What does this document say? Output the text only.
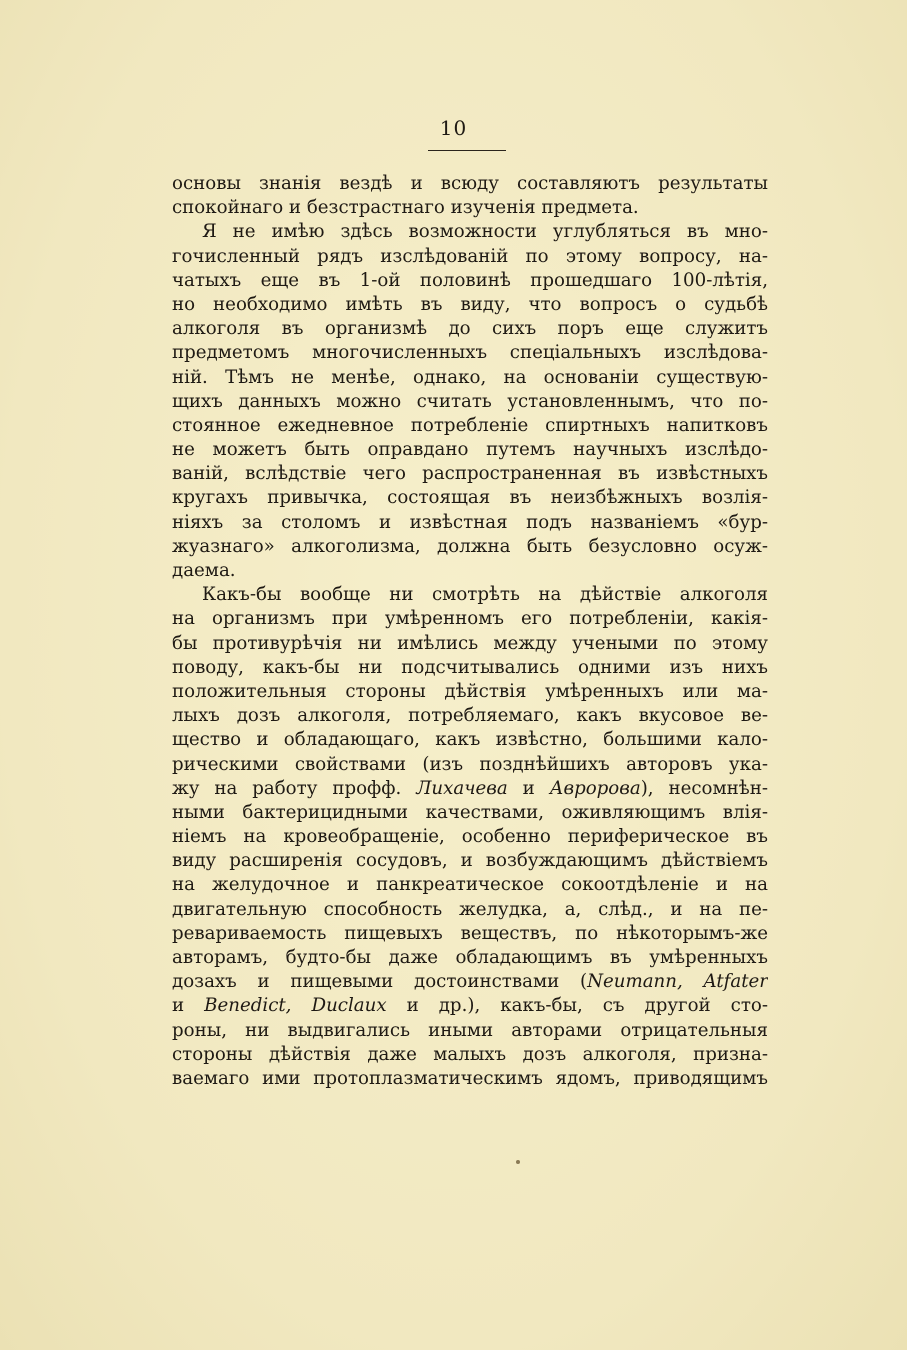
10
основы знанія вездѣ и всюду составляютъ результаты
спокойнаго и безстрастнаго изученія предмета.
Я не имѣю здѣсь возможности углубляться въ мно-
гочисленный рядъ изслѣдованій по этому вопросу, на-
чатыхъ еще въ 1-ой половинѣ прошедшаго 100-лѣтія,
но необходимо имѣть въ виду, что вопросъ о судьбѣ
алкоголя въ организмѣ до сихъ поръ еще служитъ
предметомъ многочисленныхъ спеціальныхъ изслѣдова-
ній. Тѣмъ не менѣе, однако, на основаніи существую-
щихъ данныхъ можно считать установленнымъ, что по-
стоянное ежедневное потребленіе спиртныхъ напитковъ
не можетъ быть оправдано путемъ научныхъ изслѣдо-
ваній, вслѣдствіе чего распространенная въ извѣстныхъ
кругахъ привычка, состоящая въ неизбѣжныхъ возлія-
ніяхъ за столомъ и извѣстная подъ названіемъ «бур-
жуазнаго» алкоголизма, должна быть безусловно осуж-
даема.
Какъ-бы вообще ни смотрѣть на дѣйствіе алкоголя
на организмъ при умѣренномъ его потребленіи, какія-
бы противурѣчія ни имѣлись между учеными по этому
поводу, какъ-бы ни подсчитывались одними изъ нихъ
положительныя стороны дѣйствія умѣренныхъ или ма-
лыхъ дозъ алкоголя, потребляемаго, какъ вкусовое ве-
щество и обладающаго, какъ извѣстно, большими кало-
рическими свойствами (изъ позднѣйшихъ авторовъ ука-
жу на работу профф. Лихачева и Авророва), несомнѣн-
ными бактерицидными качествами, оживляющимъ влія-
ніемъ на кровеобращеніе, особенно периферическое въ
виду расширенія сосудовъ, и возбуждающимъ дѣйствіемъ
на желудочное и панкреатическое сокоотдѣленіе и на
двигательную способность желудка, а, слѣд., и на пе-
ревариваемость пищевыхъ веществъ, по нѣкоторымъ-же
авторамъ, будто-бы даже обладающимъ въ умѣренныхъ
дозахъ и пищевыми достоинствами (Neumann, Atfater
и Benedict, Duclaux и др.), какъ-бы, съ другой сто-
роны, ни выдвигались иными авторами отрицательныя
стороны дѣйствія даже малыхъ дозъ алкоголя, призна-
ваемаго ими протоплазматическимъ ядомъ, приводящимъ
